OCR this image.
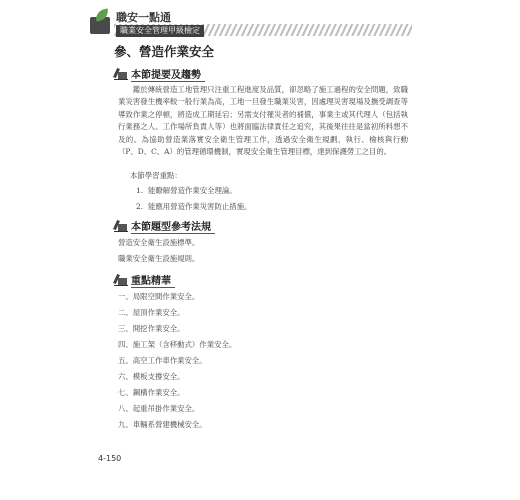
職安一點通
職業安全管理甲級檢定
參、營造作業安全
本節提要及趨勢

鑑於傳統營造工地管理只注重工程進度及品質，卻忽略了施工過程的安全問題，致職業災害發生機率較一般行業為高，工地一旦發生職業災害，因處理災害現場及撫受調查等導致作業之停頓，將造成工期延宕；另需支付罹災者的補償，事業主或其代理人（包括執行業務之人、工作場所負責人等）也將面臨法律責任之追究，其後果往往是當初所料想不及的。為協助營造業落實安全衛生管理工作，透過安全衛生規劃、執行、檢核與行動（P、D、C、A）的管理循環機制，實現安全衛生管理目標，達到保護勞工之目的。

本節學習重點：
1. 能瞭解營造作業安全理論。
2. 能應用營造作業災害防止措施。
本節題型參考法規
營造安全衛生設施標準。
職業安全衛生設施規則。
重點精華
一、局限空間作業安全。
二、屋頂作業安全。
三、開挖作業安全。
四、施工架（含移動式）作業安全。
五、高空工作車作業安全。
六、模板支撐安全。
七、鋼構作業安全。
八、起重吊掛作業安全。
九、車輛系營建機械安全。
4-150
